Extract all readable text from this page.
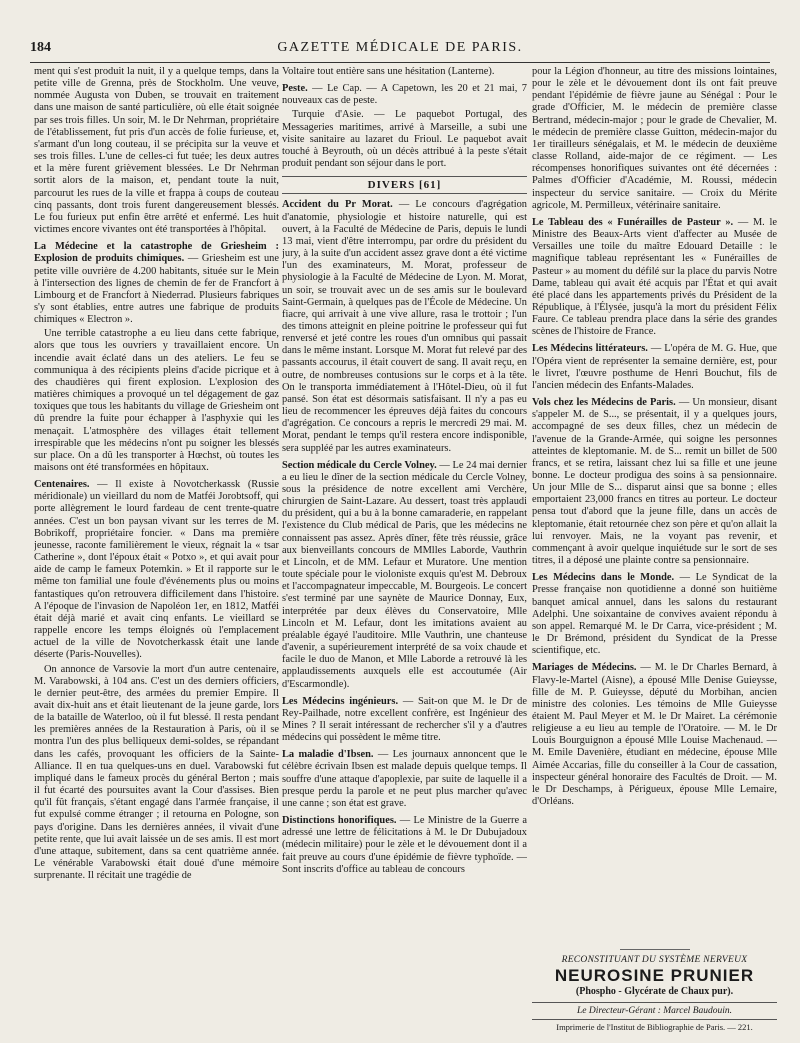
184	GAZETTE MÉDICALE DE PARIS.

ment qui s'est produit la nuit, il y a quelque temps, dans la petite ville de Grenna, près de Stockholm. Une veuve, nommée Augusta von Duben, se trouvait en traitement dans une maison de santé particulière, où elle était soignée par ses trois filles. Un soir, M. le Dr Nehrman, propriétaire de l'établissement, fut pris d'un accès de folie furieuse, et, s'armant d'un long couteau, il se précipita sur la veuve et ses trois filles. L'une de celles-ci fut tuée; les deux autres et la mère furent grièvement blessées. Le Dr Nehrman sortit alors de la maison, et, pendant toute la nuit, parcourut les rues de la ville et frappa à coups de couteau cinq passants, dont trois furent dangereusement blessés. Le fou furieux put enfin être arrêté et enfermé. Les huit victimes encore vivantes ont été transportées à l'hôpital.

La Médecine et la catastrophe de Griesheim : Explosion de produits chimiques. — Griesheim est une petite ville ouvrière de 4.200 habitants, située sur le Mein à l'intersection des lignes de chemin de fer de Francfort à Limbourg et de Francfort à Niederrad. Plusieurs fabriques s'y sont établies, entre autres une fabrique de produits chimiques « Electron ».

Une terrible catastrophe a eu lieu dans cette fabrique, alors que tous les ouvriers y travaillaient encore. Un incendie avait éclaté dans un des ateliers. Le feu se communiqua à des récipients pleins d'acide picrique et à des chaudières qui firent explosion. L'explosion des matières chimiques a provoqué un tel dégagement de gaz toxiques que tous les habitants du village de Griesheim ont dû prendre la fuite pour échapper à l'asphyxie qui les menaçait. L'atmosphère des villages était tellement irrespirable que les médecins n'ont pu soigner les blessés sur place. On a dû les transporter à Hœchst, où toutes les maisons ont été transformées en hôpitaux.

Centenaires. — Il existe à Novotcherkassk (Russie méridionale) un vieillard du nom de Matféi Jorobtsoff, qui porte allègrement le lourd fardeau de cent trente-quatre années. C'est un bon paysan vivant sur les terres de M. Bobrikoff, propriétaire foncier. « Dans ma première jeunesse, raconte familièrement le vieux, régnait la « tsar Catherine », dont l'époux était « Potxo », et qui avait pour aide de camp le fameux Potemkin. » Et il rapporte sur le même ton familial une foule d'événements plus ou moins fantastiques qu'on retrouvera difficilement dans l'histoire. A l'époque de l'invasion de Napoléon 1er, en 1812, Matféi était déjà marié et avait cinq enfants. Le vieillard se rappelle encore les temps éloignés où l'emplacement actuel de la ville de Novotcherkassk était une lande déserte (Paris-Nouvelles).

On annonce de Varsovie la mort d'un autre centenaire, M. Varabowski, à 104 ans. C'est un des derniers officiers, le dernier peut-être, des armées du premier Empire. Il avait dix-huit ans et était lieutenant de la jeune garde, lors de la bataille de Waterloo, où il fut blessé. Il resta pendant les premières années de la Restauration à Paris, où il se montra l'un des plus belliqueux demi-soldes, se répandant dans les cafés, provoquant les officiers de la Sainte-Alliance. Il en tua quelques-uns en duel. Varabowski fut impliqué dans le fameux procès du général Berton ; mais il fut écarté des poursuites avant la Cour d'assises. Bien qu'il fût français, s'étant engagé dans l'armée française, il fut expulsé comme étranger ; il retourna en Pologne, son pays d'origine. Dans les dernières années, il vivait d'une petite rente, que lui avait laissée un de ses amis. Il est mort d'une attaque, subitement, dans sa cent quatrième année. Le vénérable Varabowski était doué d'une mémoire surprenante. Il récitait une tragédie de

Voltaire tout entière sans une hésitation (Lanterne).

Peste. — Le Cap. — A Capetown, les 20 et 21 mai, 7 nouveaux cas de peste.

Turquie d'Asie. — Le paquebot Portugal, des Messageries maritimes, arrivé à Marseille, a subi une visite sanitaire au lazaret du Frioul. Le paquebot avait touché à Beyrouth, où un décès attribué à la peste s'était produit pendant son séjour dans le port.

DIVERS [61]

Accident du Pr Morat. — Le concours d'agrégation d'anatomie, physiologie et histoire naturelle, qui est ouvert, à la Faculté de Médecine de Paris, depuis le lundi 13 mai, vient d'être interrompu, par ordre du président du jury, à la suite d'un accident assez grave dont a été victime l'un des examinateurs, M. Morat, professeur de physiologie à la Faculté de Médecine de Lyon. M. Morat, un soir, se trouvait avec un de ses amis sur le boulevard Saint-Germain, à quelques pas de l'École de Médecine. Un fiacre, qui arrivait à une vive allure, rasa le trottoir ; l'un des timons atteignit en pleine poitrine le professeur qui fut renversé et jeté contre les roues d'un omnibus qui passait dans le même instant. Lorsque M. Morat fut relevé par des passants accourus, il était couvert de sang. Il avait reçu, en outre, de nombreuses contusions sur le corps et à la tête. On le transporta immédiatement à l'Hôtel-Dieu, où il fut pansé. Son état est désormais satisfaisant. Il n'y a pas eu lieu de recommencer les épreuves déjà faites du concours d'agrégation. Ce concours a repris le mercredi 29 mai. M. Morat, pendant le temps qu'il restera encore indisponible, sera suppléé par les autres examinateurs.

Section médicale du Cercle Volney. — Le 24 mai dernier a eu lieu le dîner de la section médicale du Cercle Volney, sous la présidence de notre excellent ami Verchère, chirurgien de Saint-Lazare. Au dessert, toast très applaudi du président, qui a bu à la bonne camaraderie, en rappelant l'existence du Club médical de Paris, que les médecins ne connaissent pas assez. Après dîner, fête très réussie, grâce aux bienveillants concours de MMlles Laborde, Vauthrin et Lincoln, et de MM. Lefaur et Muratore. Une mention toute spéciale pour le violoniste exquis qu'est M. Debroux et l'accompagnateur impeccable, M. Bourgeois. Le concert s'est terminé par une saynète de Maurice Donnay, Eux, interprétée par deux élèves du Conservatoire, Mlle Lincoln et M. Lefaur, dont les imitations avaient au préalable égayé l'auditoire. Mlle Vauthrin, une chanteuse d'avenir, a supérieurement interprété de sa voix chaude et facile le duo de Manon, et Mlle Laborde a retrouvé là les applaudissements auxquels elle est accoutumée (Air d'Escarmondle).

Les Médecins ingénieurs. — Sait-on que M. le Dr de Rey-Pailhade, notre excellent confrère, est Ingénieur des Mines ? Il serait intéressant de rechercher s'il y a d'autres médecins qui possèdent le même titre.

La maladie d'Ibsen. — Les journaux annoncent que le célèbre écrivain Ibsen est malade depuis quelque temps. Il souffre d'une attaque d'apoplexie, par suite de laquelle il a presque perdu la parole et ne peut plus marcher qu'avec une canne ; son état est grave.

Distinctions honorifiques. — Le Ministre de la Guerre a adressé une lettre de félicitations à M. le Dr Dubujadoux (médecin militaire) pour le zèle et le dévouement dont il a fait preuve au cours d'une épidémie de fièvre typhoïde. — Sont inscrits d'office au tableau de concours

pour la Légion d'honneur, au titre des missions lointaines, pour le zèle et le dévouement dont ils ont fait preuve pendant l'épidémie de fièvre jaune au Sénégal : Pour le grade d'Officier, M. le médecin de première classe Bertrand, médecin-major ; pour le grade de Chevalier, M. le médecin de première classe Guitton, médecin-major du 1er tirailleurs sénégalais, et M. le médecin de deuxième classe Rolland, aide-major de ce régiment. — Les récompenses honorifiques suivantes ont été décernées : Palmes d'Officier d'Académie, M. Roussi, médecin inspecteur du service sanitaire. — Croix du Mérite agricole, M. Permilleux, vétérinaire sanitaire.

Le Tableau des « Funérailles de Pasteur ». — M. le Ministre des Beaux-Arts vient d'affecter au Musée de Versailles une toile du maître Edouard Detaille : le magnifique tableau représentant les « Funérailles de Pasteur » au moment du défilé sur la place du parvis Notre Dame, tableau qui avait été acquis par l'État et qui avait été placé dans les appartements privés du Président de la République, à l'Élysée, jusqu'à la mort du président Félix Faure. Ce tableau prendra place dans la série des grandes scènes de l'histoire de France.

Les Médecins littérateurs. — L'opéra de M. G. Hue, que l'Opéra vient de représenter la semaine dernière, est, pour le livret, l'œuvre posthume de Henri Bouchut, fils de l'ancien médecin des Enfants-Malades.

Vols chez les Médecins de Paris. — Un monsieur, disant s'appeler M. de S..., se présentait, il y a quelques jours, accompagné de ses deux filles, chez un médecin de l'avenue de la Grande-Armée, qui soigne les personnes atteintes de kleptomanie. M. de S... remit un billet de 500 francs, et se retira, laissant chez lui sa fille et une jeune bonne. Le docteur prodigua des soins à sa pensionnaire. Un jour Mlle de S... disparut ainsi que sa bonne ; elles emportaient 23,000 francs en titres au porteur. Le docteur pensa tout d'abord que la jeune fille, dans un accès de kleptomanie, était retournée chez son père et qu'on allait la lui renvoyer. Mais, ne la voyant pas revenir, et commençant à avoir quelque inquiétude sur le sort de ses titres, il a déposé une plainte contre sa pensionnaire.

Les Médecins dans le Monde. — Le Syndicat de la Presse française non quotidienne a donné son huitième banquet amical annuel, dans les salons du restaurant Adelphi. Une soixantaine de convives avaient répondu à son appel. Remarqué M. le Dr Carra, vice-président ; M. le Dr Brémond, président du Syndicat de la Presse scientifique, etc.

Mariages de Médecins. — M. le Dr Charles Bernard, à Flavy-le-Martel (Aisne), a épousé Mlle Denise Guieysse, fille de M. P. Guieysse, député du Morbihan, ancien ministre des colonies. Les témoins de Mlle Guieysse étaient M. Paul Meyer et M. le Dr Mairet. La cérémonie religieuse a eu lieu au temple de l'Oratoire. — M. le Dr Louis Bourguignon a épousé Mlle Louise Machenaud. — M. Emile Davenière, étudiant en médecine, épouse Mlle Aimée Accarias, fille du conseiller à la Cour de cassation, inspecteur général honoraire des Facultés de Droit. — M. le Dr Deschamps, à Périgueux, épouse Mlle Lemaire, d'Orléans.

RECONSTITUANT DU SYSTÈME NERVEUX
NEUROSINE PRUNIER
(Phospho - Glycérate de Chaux pur).
Le Directeur-Gérant : Marcel Baudouin.
Imprimerie de l'Institut de Bibliographie de Paris. — 221.
